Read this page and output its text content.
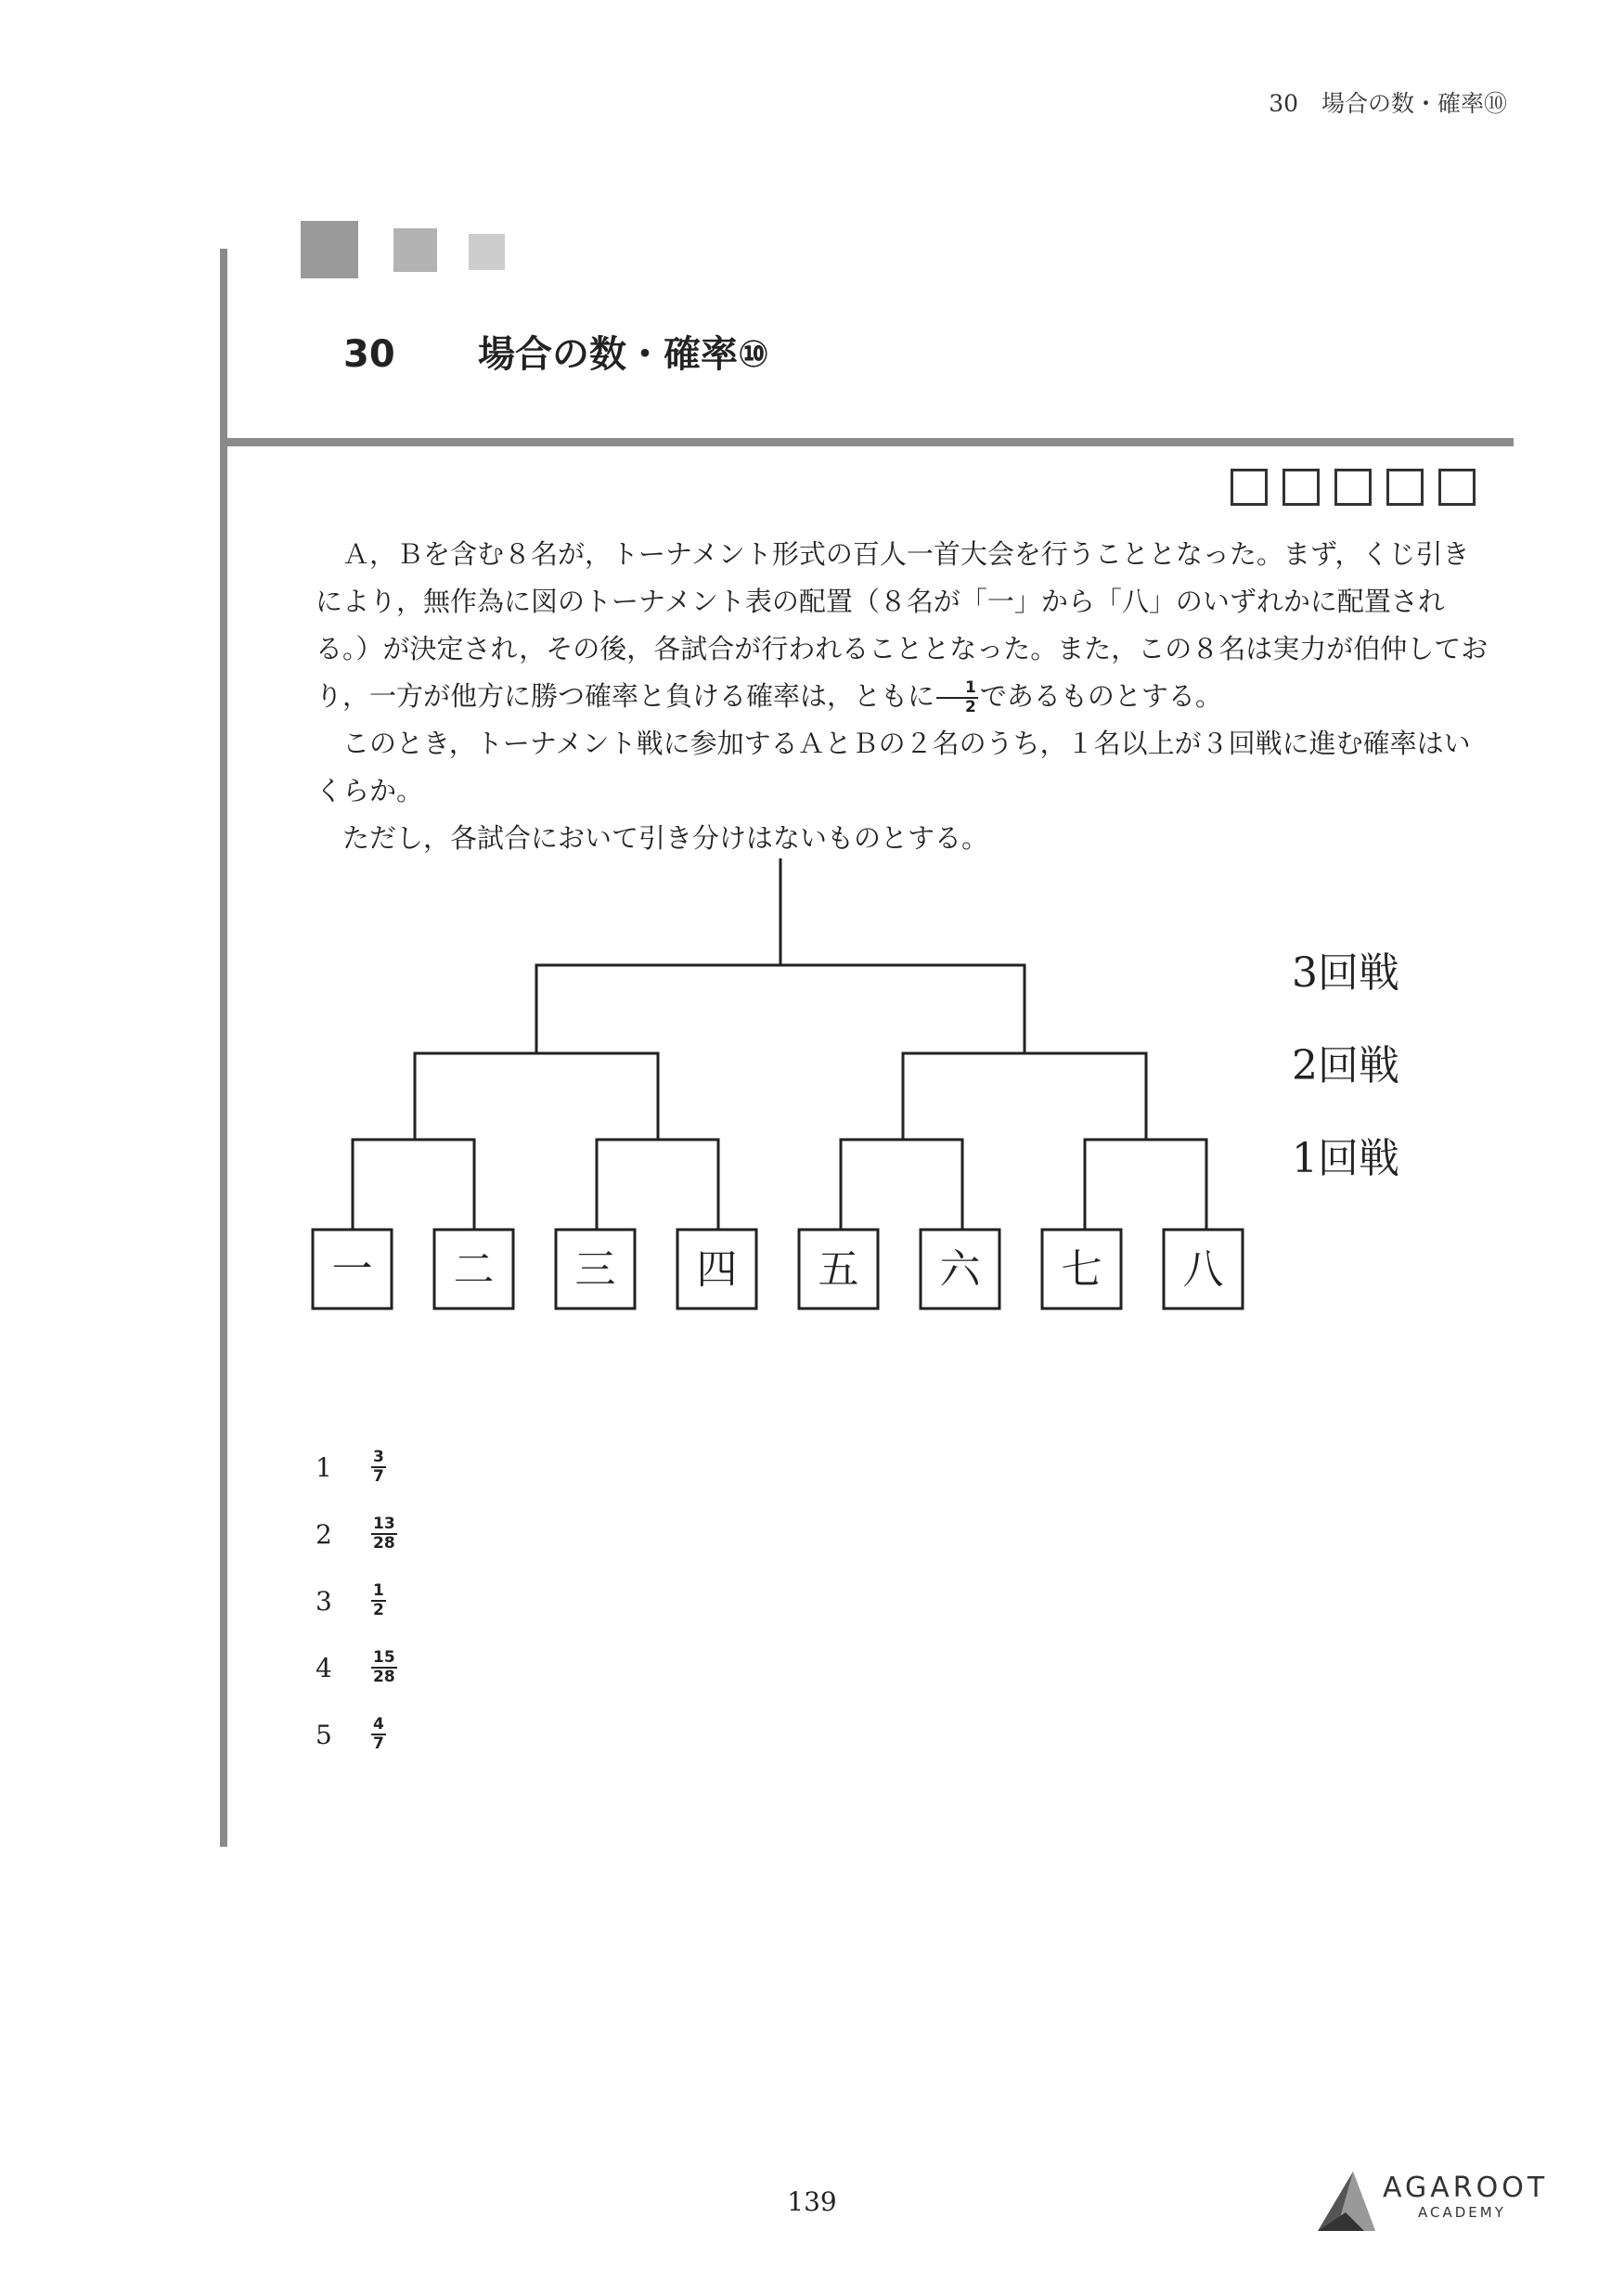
30　場合の数・確率⑩
30 場合の数・確率⑩

Ａ，Ｂを含む８名が，トーナメント形式の百人一首大会を行うこととなった。まず，くじ引きにより，無作為に図のトーナメント表の配置（８名が「一」から「八」のいずれかに配置される。）が決定され，その後，各試合が行われることとなった。また，この８名は実力が伯仲しており，一方が他方に勝つ確率と負ける確率は，ともに $\frac{1}{2}$ であるものとする。

このとき，トーナメント戦に参加するＡとＢの２名のうち，１名以上が３回戦に進む確率はいくらか。

ただし，各試合において引き分けはないものとする。

一 二 三 四 五 六 七 八
3回戦
2回戦
1回戦
1	$\frac{3}{7}$
2	$\frac{13}{28}$
3	$\frac{1}{2}$
4	$\frac{15}{28}$
5	$\frac{4}{7}$
139	AGAROOT
ACADEMY
